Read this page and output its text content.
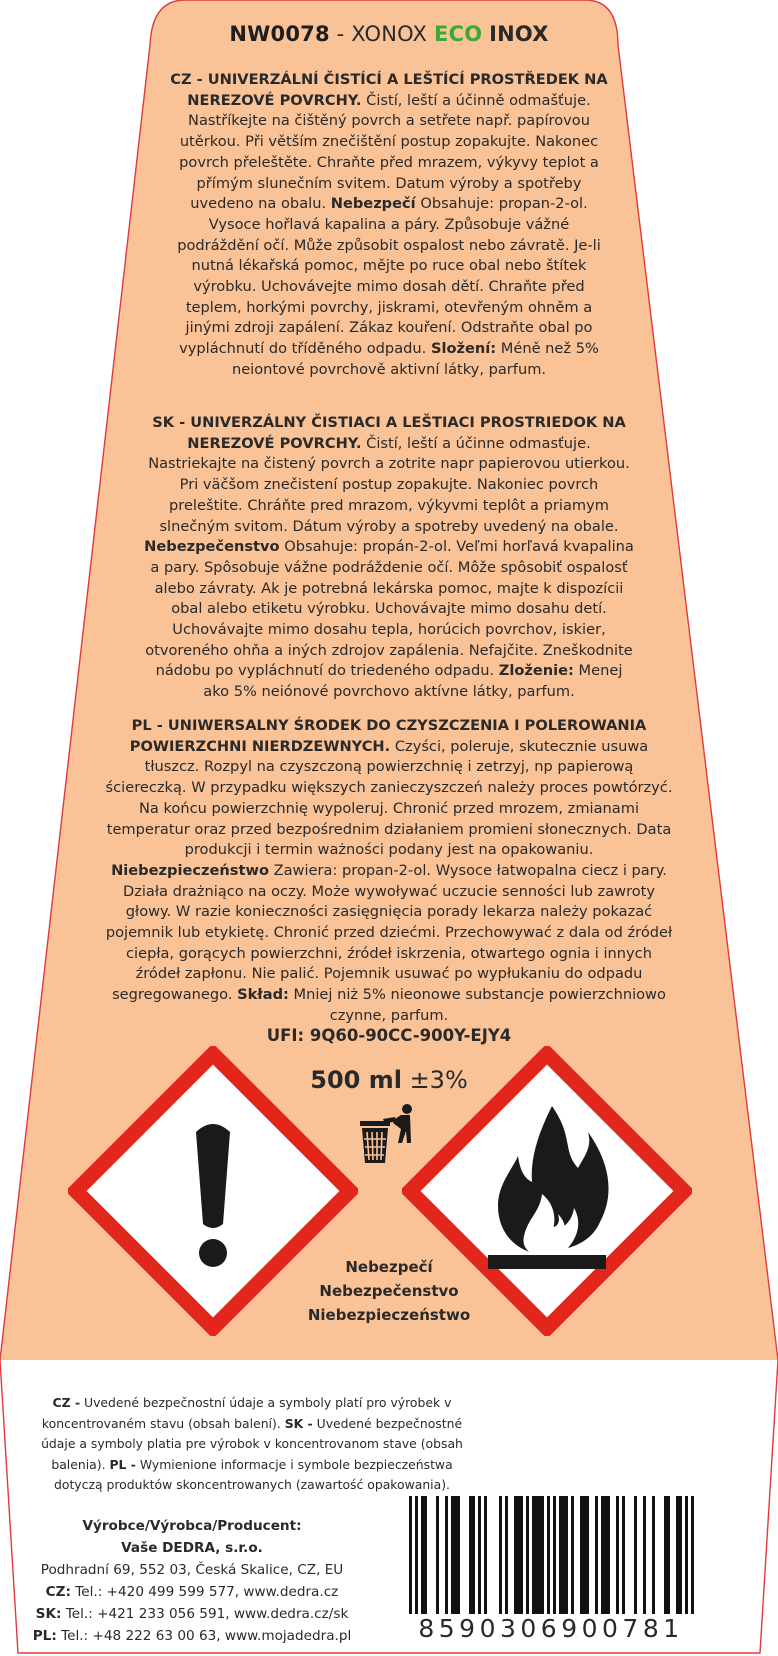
NW0078 - XONOX ECO INOX
CZ - UNIVERZÁLNÍ ČISTÍCÍ A LEŠTÍCÍ PROSTŘEDEK NA NEREZOVÉ POVRCHY. Čistí, leští a účinně odmašťuje. Nastříkejte na čištěný povrch a setřete např. papírovou utěrkou. Při větším znečištění postup zopakujte. Nakonec povrch přeleštěte. Chraňte před mrazem, výkyvy teplot a přímým slunečním svitem. Datum výroby a spotřeby uvedeno na obalu. Nebezpečí Obsahuje: propan-2-ol. Vysoce hořlavá kapalina a páry. Způsobuje vážné podráždění očí. Může způsobit ospalost nebo závratě. Je-li nutná lékařská pomoc, mějte po ruce obal nebo štítek výrobku. Uchovávejte mimo dosah dětí. Chraňte před teplem, horkými povrchy, jiskrami, otevřeným ohněm a jinými zdroji zapálení. Zákaz kouření. Odstraňte obal po vypláchnutí do tříděného odpadu. Složení: Méně než 5% neiontové povrchově aktivní látky, parfum.
SK - UNIVERZÁLNY ČISTIACI A LEŠTIACI PROSTRIEDOK NA NEREZOVÉ POVRCHY. Čistí, leští a účinne odmasťuje. Nastriekajte na čistený povrch a zotrite napr papierovou utierkou. Pri väčšom znečistení postup zopakujte. Nakoniec povrch preleštite. Chráňte pred mrazom, výkyvmi teplôt a priamym slnečným svitom. Dátum výroby a spotreby uvedený na obale. Nebezpečenstvo Obsahuje: propán-2-ol. Veľmi horľavá kvapalina a pary. Spôsobuje vážne podráždenie očí. Môže spôsobiť ospalosť alebo závraty. Ak je potrebná lekárska pomoc, majte k dispozícii obal alebo etiketu výrobku. Uchovávajte mimo dosahu detí. Uchovávajte mimo dosahu tepla, horúcich povrchov, iskier, otvoreného ohňa a iných zdrojov zapálenia. Nefajčite. Zneškodnite nádobu po vypláchnutí do triedeného odpadu. Zloženie: Menej ako 5% neiónové povrchovo aktívne látky, parfum.
PL - UNIWERSALNY ŚRODEK DO CZYSZCZENIA I POLEROWANIA POWIERZCHNI NIERDZEWNYCH. Czyści, poleruje, skutecznie usuwa tłuszcz. Rozpyl na czyszczoną powierzchnię i zetrzyj, np papierową ściereczką. W przypadku większych zanieczyszczeń należy proces powtórzyć. Na końcu powierzchnię wypoleruj. Chronić przed mrozem, zmianami temperatur oraz przed bezpośrednim działaniem promieni słonecznych. Data produkcji i termin ważności podany jest na opakowaniu. Niebezpieczeństwo Zawiera: propan-2-ol. Wysoce łatwopalna ciecz i pary. Działa drażniąco na oczy. Może wywoływać uczucie senności lub zawroty głowy. W razie konieczności zasięgnięcia porady lekarza należy pokazać pojemnik lub etykietę. Chronić przed dziećmi. Przechowywać z dala od źródeł ciepła, gorących powierzchni, źródeł iskrzenia, otwartego ognia i innych źródeł zapłonu. Nie palić. Pojemnik usuwać po wypłukaniu do odpadu segregowanego. Skład: Mniej niż 5% nieonowe substancje powierzchniowo czynne, parfum.
UFI: 9Q60-90CC-900Y-EJY4
500 ml ±3%
Nebezpečí
Nebezpečenstvo
Niebezpieczeństwo
CZ - Uvedené bezpečnostní údaje a symboly platí pro výrobek v koncentrovaném stavu (obsah balení). SK - Uvedené bezpečnostné údaje a symboly platia pre výrobok v koncentrovanom stave (obsah balenia). PL - Wymienione informacje i symbole bezpieczeństwa dotyczą produktów skoncentrowanych (zawartość opakowania).
Výrobce/Výrobca/Producent:
Vaše DEDRA, s.r.o.
Podhradní 69, 552 03, Česká Skalice, CZ, EU
CZ: Tel.: +420 499 599 577, www.dedra.cz
SK: Tel.: +421 233 056 591, www.dedra.cz/sk
PL: Tel.: +48 222 63 00 63, www.mojadedra.pl	8590306900781
